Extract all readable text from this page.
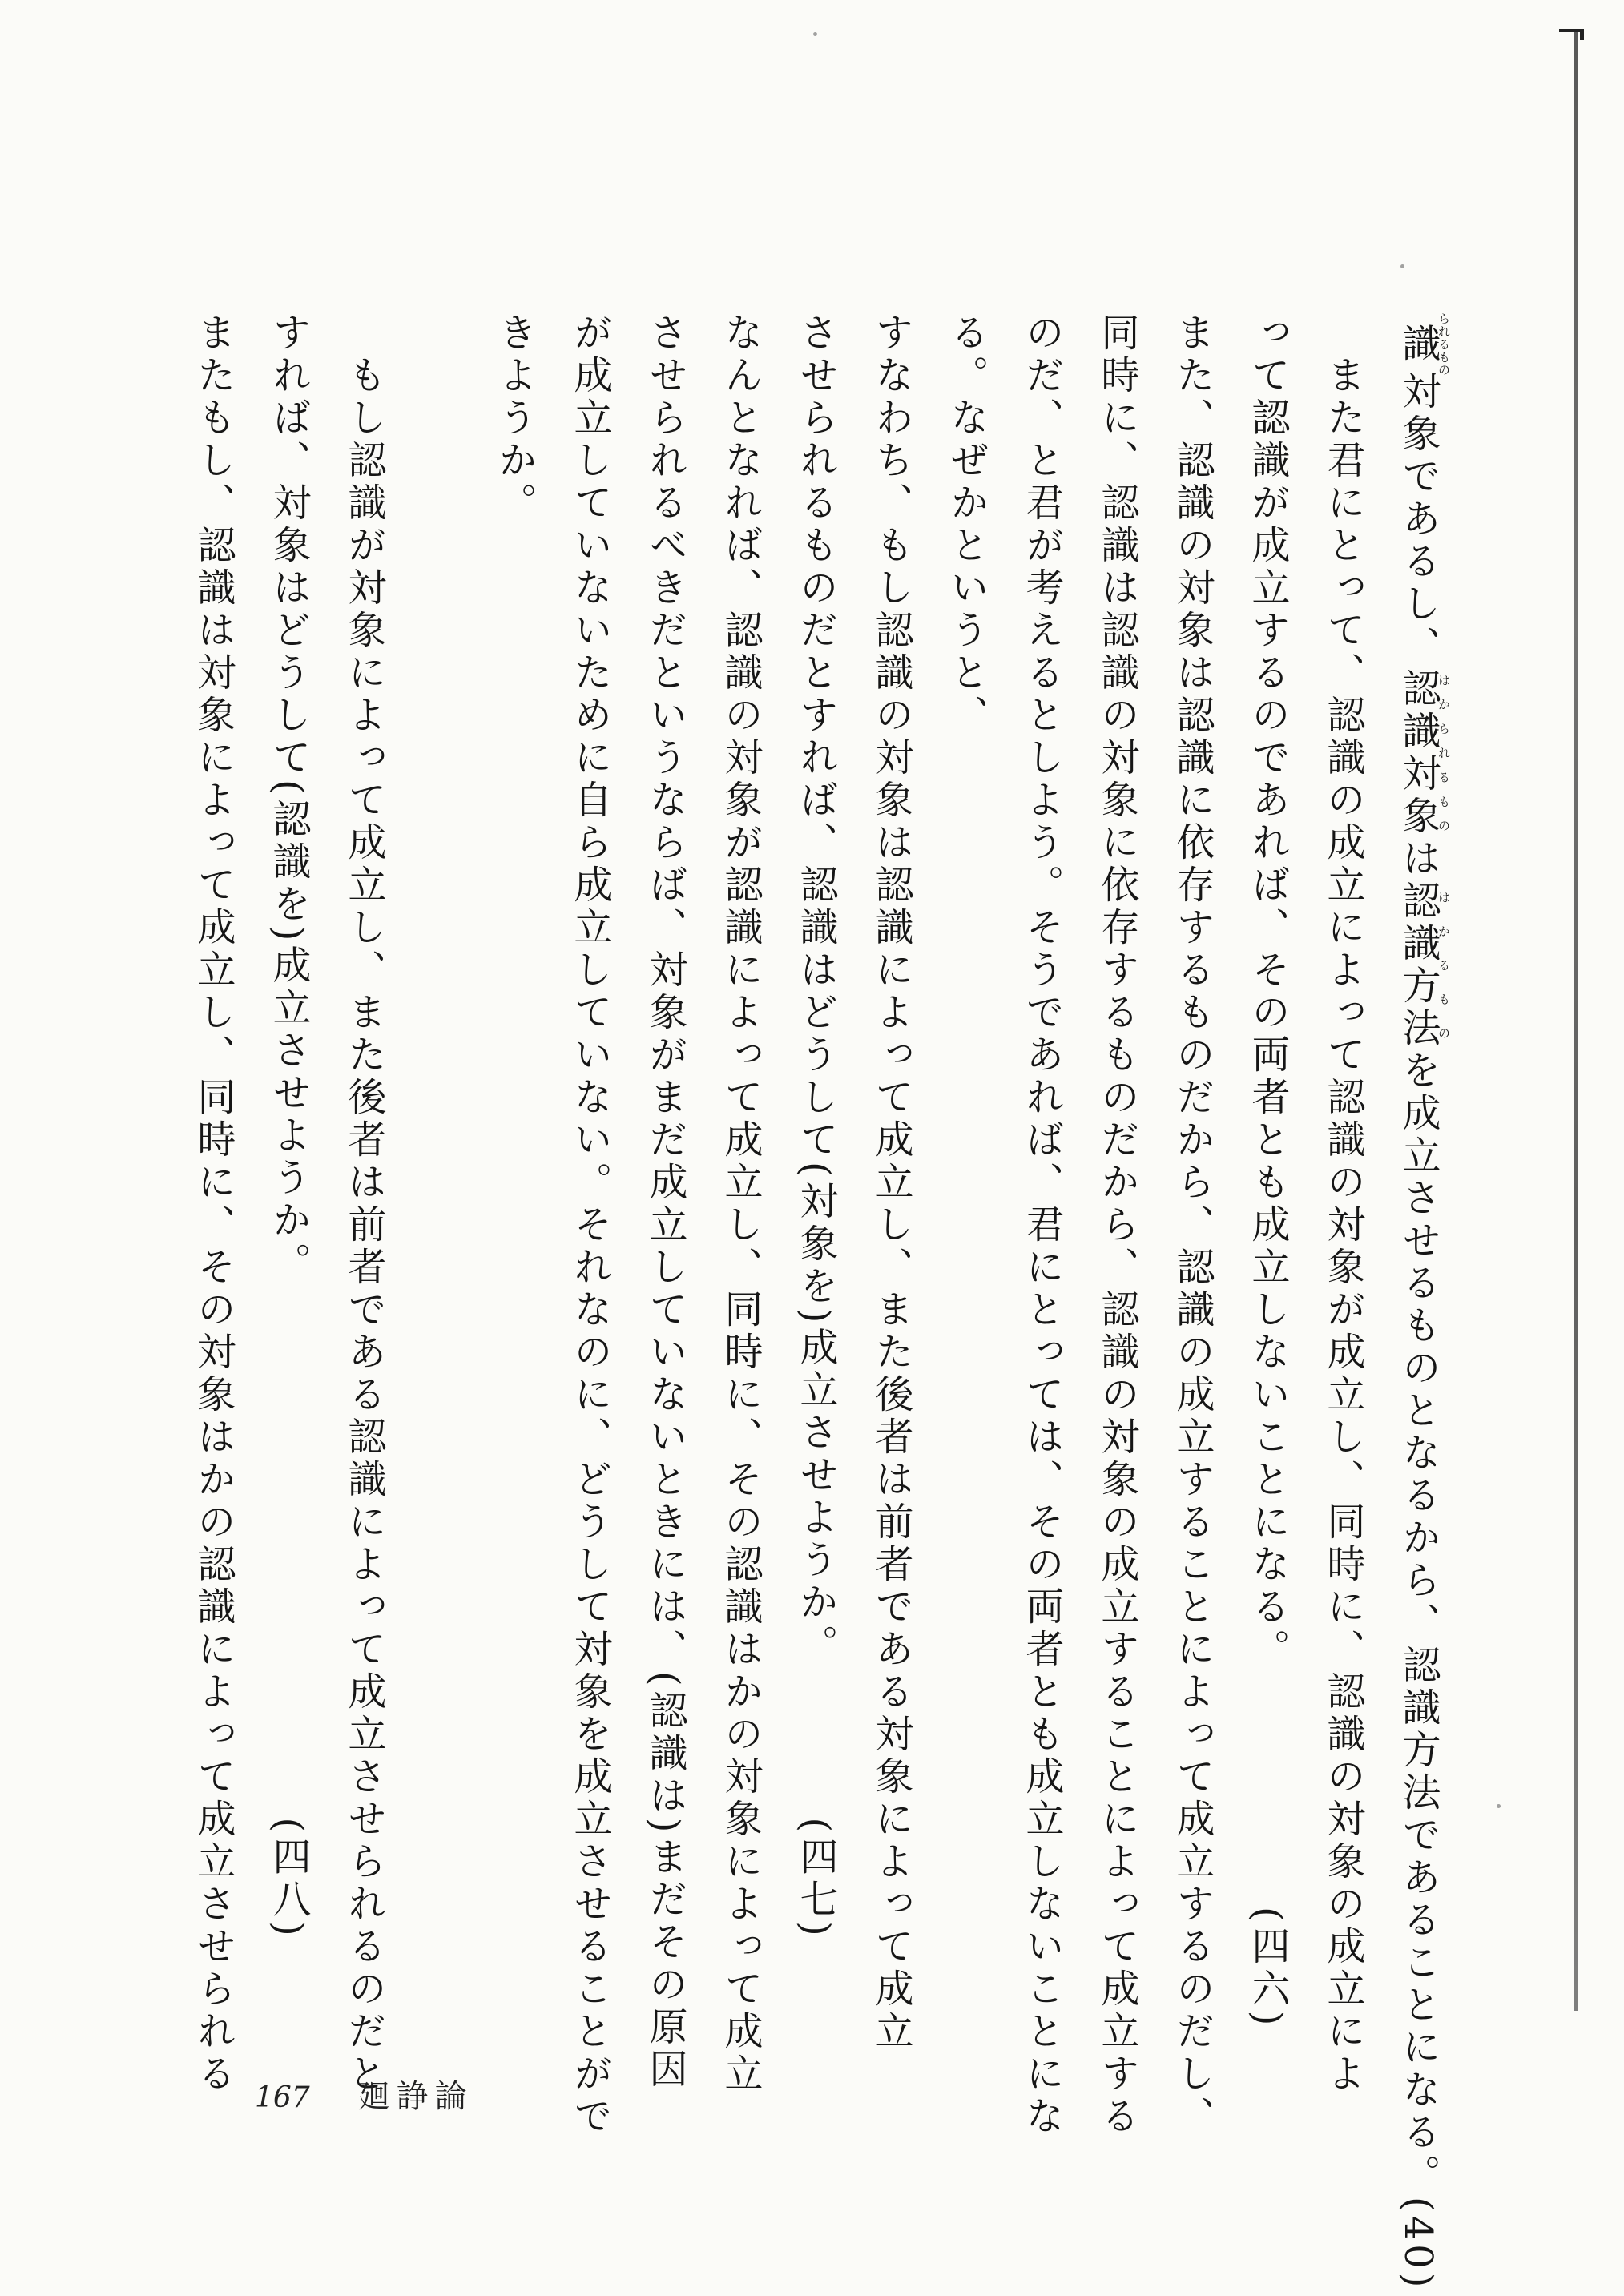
識られるもの対象であるし、認識対象はかられるものは認識方法はかるものを成立させるものとなるから、認識方法であることになる。(40)
　また君にとって、認識の成立によって認識の対象が成立し、同時に、認識の対象の成立によ
って認識が成立するのであれば、その両者とも成立しないことになる。　　　　　　(四六)
また、認識の対象は認識に依存するものだから、認識の成立することによって成立するのだし、
同時に、認識は認識の対象に依存するものだから、認識の対象の成立することによって成立する
のだ、と君が考えるとしよう。そうであれば、君にとっては、その両者とも成立しないことにな
る。なぜかというと、
すなわち、もし認識の対象は認識によって成立し、また後者は前者である対象によって成立
させられるものだとすれば、認識はどうして(対象を)成立させようか。　　　　(四七)
なんとなれば、認識の対象が認識によって成立し、同時に、その認識はかの対象によって成立
させられるべきだというならば、対象がまだ成立していないときには、(認識は)まだその原因
が成立していないために自ら成立していない。それなのに、どうして対象を成立させることがで
きようか。
　もし認識が対象によって成立し、また後者は前者である認識によって成立させられるのだと
すれば、対象はどうして(認識を)成立させようか。　　　　　　　　　　　　　(四八)
またもし、認識は対象によって成立し、同時に、その対象はかの認識によって成立させられる
167 廻諍論
